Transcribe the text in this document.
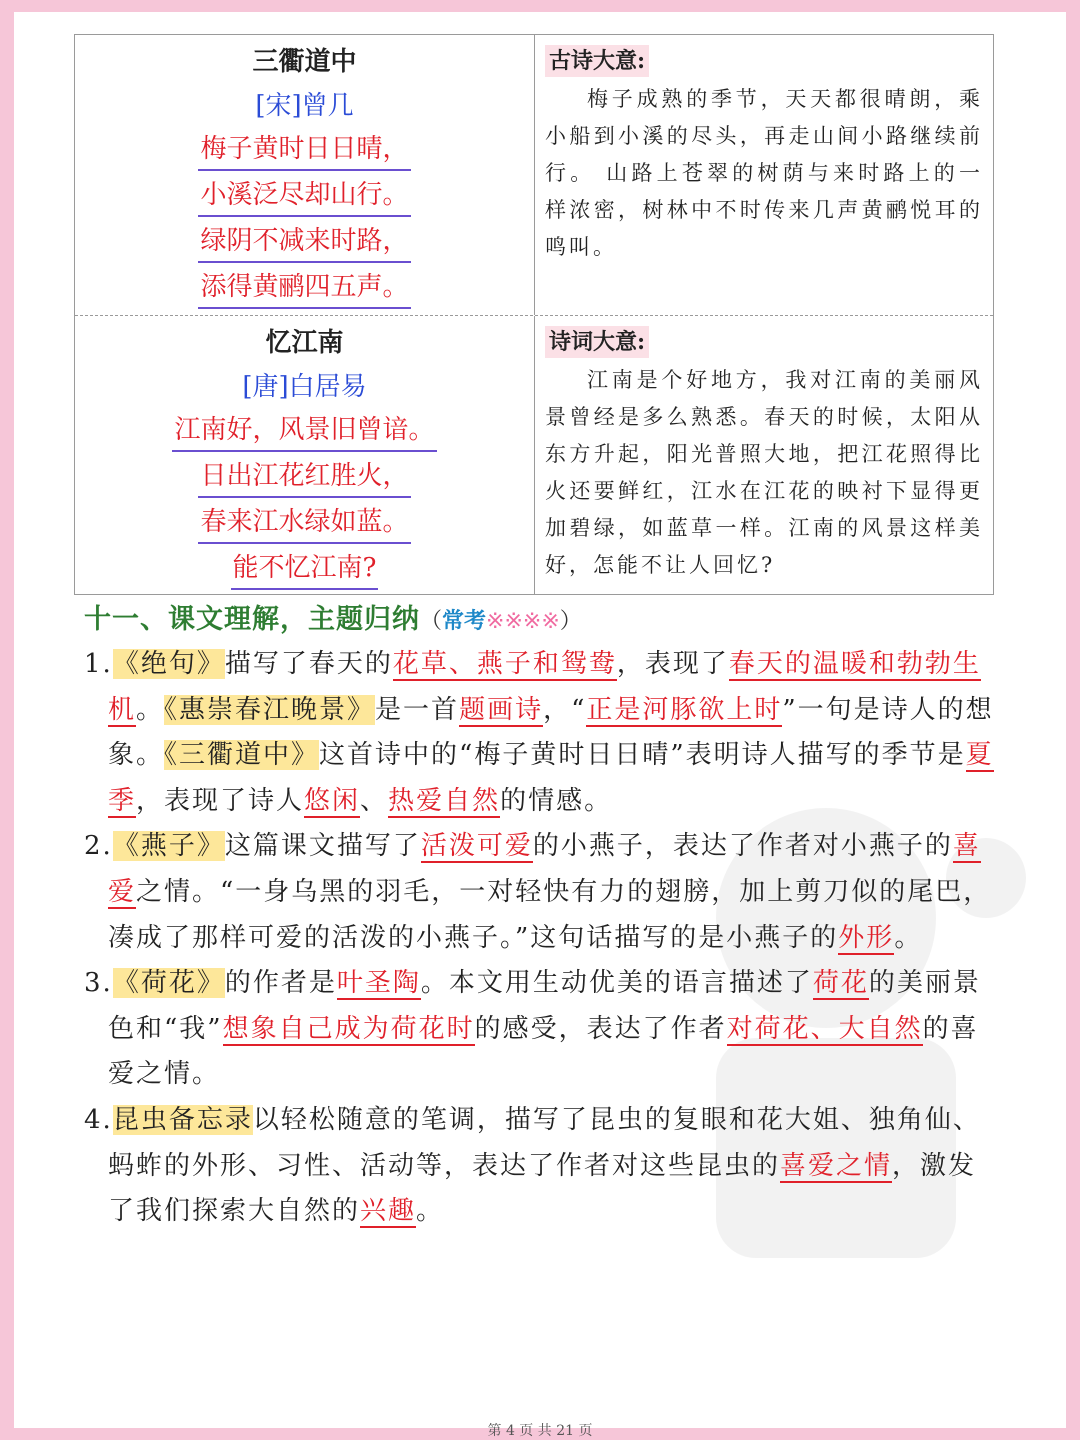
三衢道中
[宋]曾几
梅子黄时日日晴，
小溪泛尽却山行。
绿阴不减来时路，
添得黄鹂四五声。
古诗大意:

梅子成熟的季节，天天都很晴朗，乘小船到小溪的尽头，再走山间小路继续前行。 山路上苍翠的树荫与来时路上的一样浓密，树林中不时传来几声黄鹂悦耳的鸣叫。

忆江南
[唐]白居易
江南好，风景旧曾谙。
日出江花红胜火，
春来江水绿如蓝。
能不忆江南?
诗词大意:

江南是个好地方，我对江南的美丽风景曾经是多么熟悉。春天的时候，太阳从东方升起，阳光普照大地，把江花照得比火还要鲜红，江水在江花的映衬下显得更加碧绿，如蓝草一样。江南的风景这样美好，怎能不让人回忆?

十一、课文理解，主题归纳（常考※※※※）

1.《绝句》描写了春天的花草、燕子和鸳鸯，表现了春天的温暖和勃勃生机。《惠崇春江晚景》是一首题画诗，“正是河豚欲上时”一句是诗人的想象。《三衢道中》这首诗中的“梅子黄时日日晴”表明诗人描写的季节是夏季，表现了诗人悠闲、热爱自然的情感。

2.《燕子》这篇课文描写了活泼可爱的小燕子，表达了作者对小燕子的喜爱之情。“一身乌黑的羽毛，一对轻快有力的翅膀，加上剪刀似的尾巴，凑成了那样可爱的活泼的小燕子。”这句话描写的是小燕子的外形。

3.《荷花》的作者是叶圣陶。本文用生动优美的语言描述了荷花的美丽景色和“我”想象自己成为荷花时的感受，表达了作者对荷花、大自然的喜爱之情。

4.昆虫备忘录以轻松随意的笔调，描写了昆虫的复眼和花大姐、独角仙、蚂蚱的外形、习性、活动等，表达了作者对这些昆虫的喜爱之情，激发了我们探索大自然的兴趣。

第 4 页 共 21 页
